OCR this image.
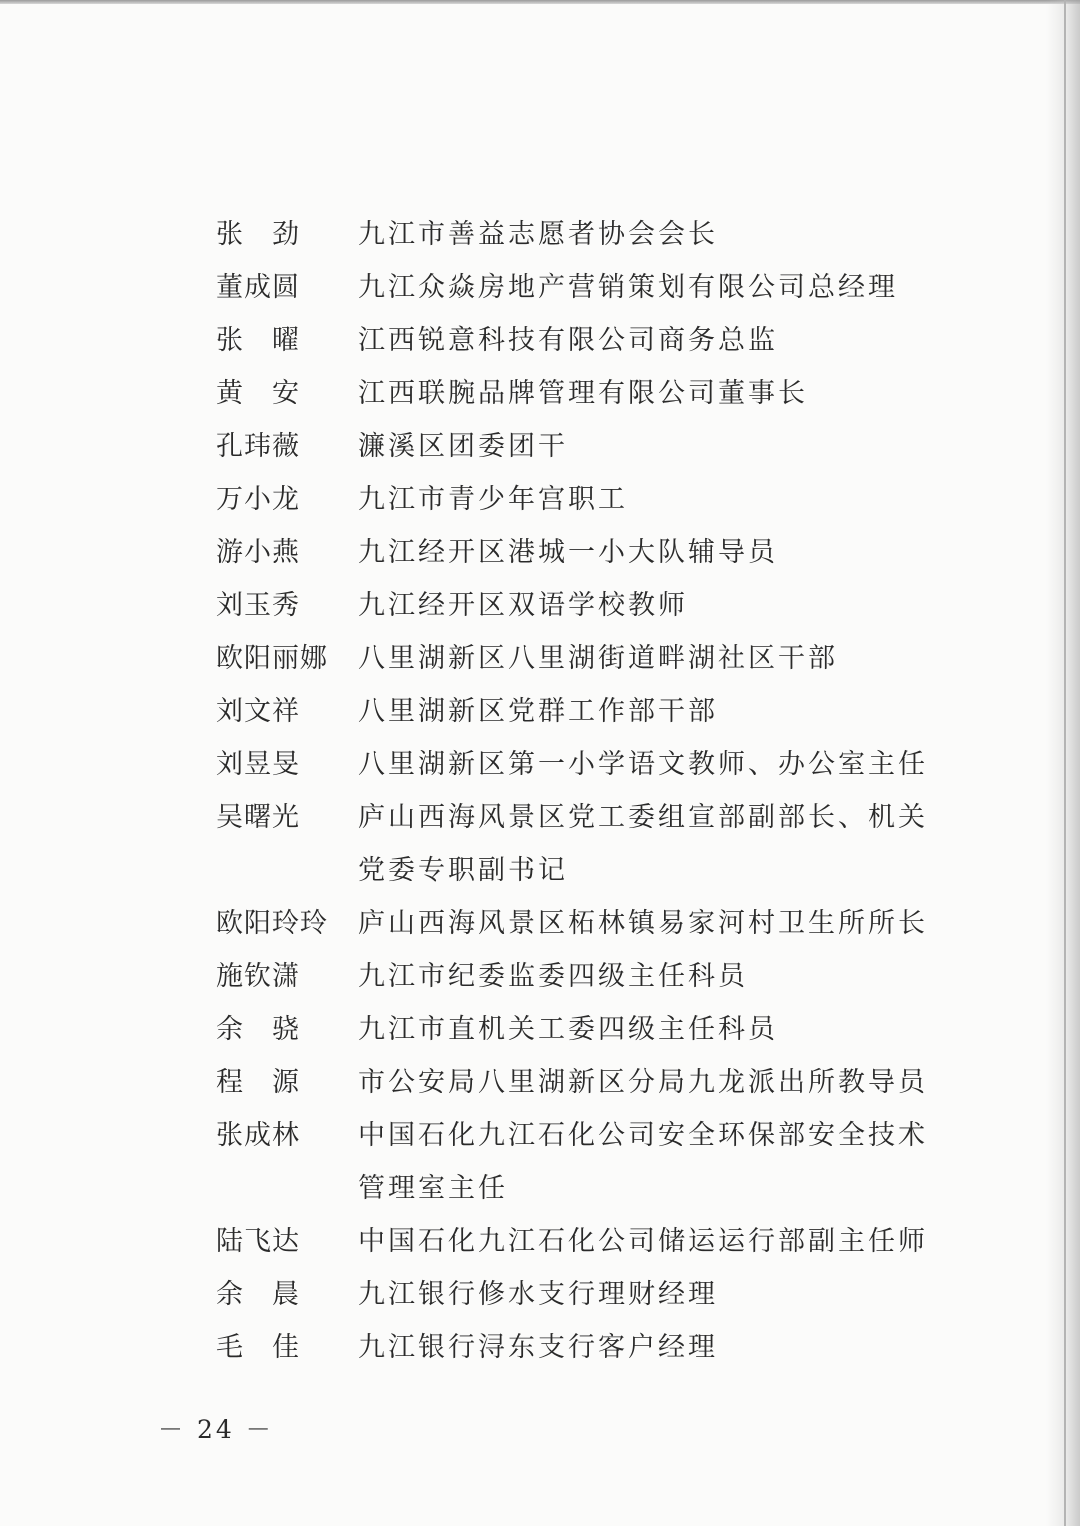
张 劲 九江市善益志愿者协会会长
董成圆 九江众焱房地产营销策划有限公司总经理
张 曜 江西锐意科技有限公司商务总监
黄 安 江西联腕品牌管理有限公司董事长
孔玮薇 濂溪区团委团干
万小龙 九江市青少年宫职工
游小燕 九江经开区港城一小大队辅导员
刘玉秀 九江经开区双语学校教师
欧阳丽娜 八里湖新区八里湖街道畔湖社区干部
刘文祥 八里湖新区党群工作部干部
刘昱旻 八里湖新区第一小学语文教师、办公室主任
吴曙光 庐山西海风景区党工委组宣部副部长、机关党委专职副书记
欧阳玲玲 庐山西海风景区柘林镇易家河村卫生所所长
施钦潇 九江市纪委监委四级主任科员
余 骁 九江市直机关工委四级主任科员
程 源 市公安局八里湖新区分局九龙派出所教导员
张成林 中国石化九江石化公司安全环保部安全技术管理室主任
陆飞达 中国石化九江石化公司储运运行部副主任师
余 晨 九江银行修水支行理财经理
毛 佳 九江银行浔东支行客户经理
－ 24 －
